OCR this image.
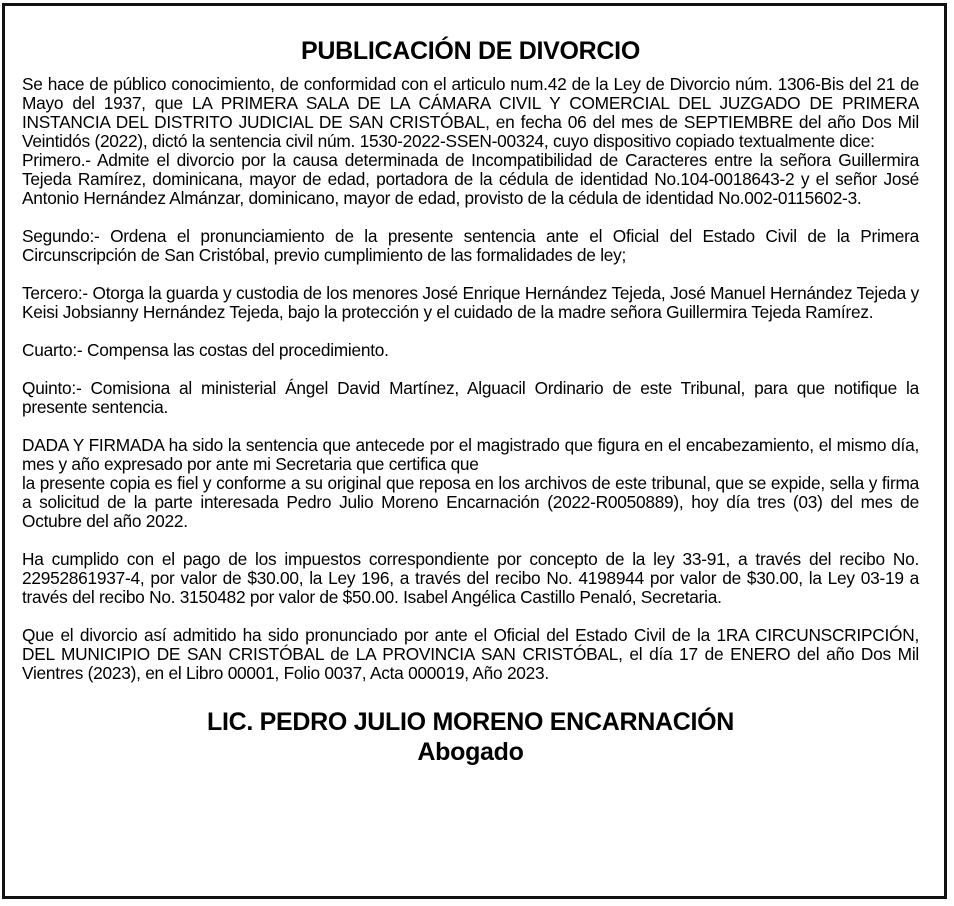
PUBLICACIÓN DE DIVORCIO

Se hace de público conocimiento, de conformidad con el articulo num.42 de la Ley de Divorcio núm. 1306-Bis del 21 de Mayo del 1937, que LA PRIMERA SALA DE LA CÁMARA CIVIL Y COMERCIAL DEL JUZGADO DE PRIMERA INSTANCIA DEL DISTRITO JUDICIAL DE SAN CRISTÓBAL, en fecha 06 del mes de SEPTIEMBRE del año Dos Mil Veintidós (2022), dictó la sentencia civil núm. 1530-2022-SSEN-00324, cuyo dispositivo copiado textualmente dice:

Primero.- Admite el divorcio por la causa determinada de Incompatibilidad de Caracteres entre la señora Guillermira Tejeda Ramírez, dominicana, mayor de edad, portadora de la cédula de identidad No.104-0018643-2 y el señor José Antonio Hernández Almánzar, dominicano, mayor de edad, provisto de la cédula de identidad No.002-0115602-3.

Segundo:- Ordena el pronunciamiento de la presente sentencia ante el Oficial del Estado Civil de la Primera Circunscripción de San Cristóbal, previo cumplimiento de las formalidades de ley;

Tercero:- Otorga la guarda y custodia de los menores José Enrique Hernández Tejeda, José Manuel Hernández Tejeda y Keisi Jobsianny Hernández Tejeda, bajo la protección y el cuidado de la madre señora Guillermira Tejeda Ramírez.

Cuarto:- Compensa las costas del procedimiento.

Quinto:- Comisiona al ministerial Ángel David Martínez, Alguacil Ordinario de este Tribunal, para que notifique la presente sentencia.

DADA Y FIRMADA ha sido la sentencia que antecede por el magistrado que figura en el encabezamiento, el mismo día, mes y año expresado por ante mi Secretaria que certifica que
la presente copia es fiel y conforme a su original que reposa en los archivos de este tribunal, que se expide, sella y firma a solicitud de la parte interesada Pedro Julio Moreno Encarnación (2022-R0050889), hoy día tres (03) del mes de Octubre del año 2022.

Ha cumplido con el pago de los impuestos correspondiente por concepto de la ley 33-91, a través del recibo No. 22952861937-4, por valor de $30.00, la Ley 196, a través del recibo No. 4198944 por valor de $30.00, la Ley 03-19 a través del recibo No. 3150482 por valor de $50.00. Isabel Angélica Castillo Penaló, Secretaria.

Que el divorcio así admitido ha sido pronunciado por ante el Oficial del Estado Civil de la 1RA CIRCUNSCRIPCIÓN, DEL MUNICIPIO DE SAN CRISTÓBAL de LA PROVINCIA SAN CRISTÓBAL, el día 17 de ENERO del año Dos Mil Vientres (2023), en el Libro 00001, Folio 0037, Acta 000019, Año 2023.

LIC. PEDRO JULIO MORENO ENCARNACIÓN
Abogado
